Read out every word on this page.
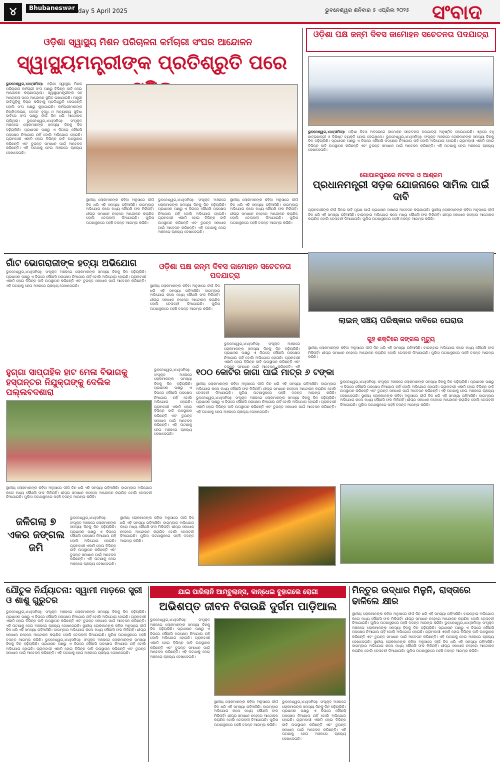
୪	Bhubaneswar
Saturday 5 April 2025	ଭୁବନେଶ୍ୱର ଶନିବାର ୫ ଏପ୍ରିଲ ୨୦୨୫ ସଂବାଦ
ଓଡ଼ିଶା ସ୍ୱାସ୍ଥ୍ୟ ମିଶନ ପରିଚାଳନା କର୍ମଚାରୀ ସଂଘର ଆନ୍ଦୋଳନ
ସ୍ୱାସ୍ଥ୍ୟମନ୍ତ୍ରୀଙ୍କ ପ୍ରତିଶ୍ରୁତି ପରେ
ଭୁବନେଶ୍ୱର,୪ା୪(ସମିସ): ଓଡ଼ିଶା ସ୍ୱାସ୍ଥ୍ୟ ମିଶନ ପରିଚାଳନା କର୍ମଚାରୀ ସଂଘ ପକ୍ଷରୁ ବିଭିନ୍ନ ଦାବି ନେଇ ଆନ୍ଦୋଳନ କରାଯାଉଥିଲା। ସ୍ୱାସ୍ଥ୍ୟମନ୍ତ୍ରୀଙ୍କ ସହ ଆଲୋଚନା ପରେ ଆନ୍ଦୋଳନ ସ୍ଥଗିତ ରଖାଯାଇଛି। ମନ୍ତ୍ରୀ ଦାବିଗୁଡ଼ିକୁ ବିଚାର କରିବାକୁ ପ୍ରତିଶ୍ରୁତି ଦେଇଛନ୍ତି ବୋଲି ସଂଘ ପକ୍ଷରୁ କୁହାଯାଇଛି। କର୍ମଚାରୀମାନଙ୍କ ନିୟମିତକରଣ, ବେତନ ବୃଦ୍ଧି ଓ ଅନ୍ୟାନ୍ୟ ସୁବିଧା ଦାବିରେ ସଂଘ ପକ୍ଷରୁ ଦୀର୍ଘ ଦିନ ଧରି ଆନ୍ଦୋଳନ ଚାଲିଥିଲା। ଭୁବନେଶ୍ୱର,୪ା୪(ସମିସ): ସଂପୃକ୍ତ ଅଞ୍ଚଳରେ ଲୋକମାନଙ୍କ ସମସ୍ୟା ଦିନକୁ ଦିନ ବଢ଼ିଚାଲିଛି। ପ୍ରଶାସନ ପକ୍ଷରୁ ଏ ଦିଗରେ କୌଣସି ପଦକ୍ଷେପ ନିଆଯାଉ ନାହିଁ ବୋଲି ଅଭିଯୋଗ ହୋଇଛି। ଗ୍ରାମବାସୀ ଏକାଠି ହୋଇ ବିଭିନ୍ନ ଦାବି ଉପସ୍ଥାପନ କରିଛନ୍ତି ଏବଂ ତୁରନ୍ତ ସମାଧାନ ପାଇଁ ଆବେଦନ କରିଛନ୍ତି। ଏହି ଘଟଣାକୁ ନେଇ ଅଞ୍ଚଳରେ ଚାଞ୍ଚଲ୍ୟ ଦେଖାଦେଇଛି।
ସ୍ଥାନୀୟ ଲୋକମାନଙ୍କ କହିବା ଅନୁସାରେ ଦୀର୍ଘ ଦିନ ଧରି ଏହି ସମସ୍ୟା ରହିଆସିଛି। ବାରମ୍ବାର ଅଭିଯୋଗ କଲେ ମଧ୍ୟ କୌଣସି ଫଳ ମିଳିନାହିଁ। ଶୀଘ୍ର ସମାଧାନ ନହେଲେ ଆନ୍ଦୋଳନ କରାଯିବ ବୋଲି ଚେତାବନୀ ଦିଆଯାଇଛି। ପୁଲିସ ଘଟଣାସ୍ଥଳରେ ପହଞ୍ଚି ତଦନ୍ତ ଆରମ୍ଭ କରିଛି।
ଭୁବନେଶ୍ୱର,୪ା୪(ସମିସ): ସଂପୃକ୍ତ ଅଞ୍ଚଳରେ ଲୋକମାନଙ୍କ ସମସ୍ୟା ଦିନକୁ ଦିନ ବଢ଼ିଚାଲିଛି। ପ୍ରଶାସନ ପକ୍ଷରୁ ଏ ଦିଗରେ କୌଣସି ପଦକ୍ଷେପ ନିଆଯାଉ ନାହିଁ ବୋଲି ଅଭିଯୋଗ ହୋଇଛି। ଗ୍ରାମବାସୀ ଏକାଠି ହୋଇ ବିଭିନ୍ନ ଦାବି ଉପସ୍ଥାପନ କରିଛନ୍ତି ଏବଂ ତୁରନ୍ତ ସମାଧାନ ପାଇଁ ଆବେଦନ କରିଛନ୍ତି। ଏହି ଘଟଣାକୁ ନେଇ ଅଞ୍ଚଳରେ ଚାଞ୍ଚଲ୍ୟ ଦେଖାଦେଇଛି।
ସ୍ଥାନୀୟ ଲୋକମାନଙ୍କ କହିବା ଅନୁସାରେ ଦୀର୍ଘ ଦିନ ଧରି ଏହି ସମସ୍ୟା ରହିଆସିଛି। ବାରମ୍ବାର ଅଭିଯୋଗ କଲେ ମଧ୍ୟ କୌଣସି ଫଳ ମିଳିନାହିଁ। ଶୀଘ୍ର ସମାଧାନ ନହେଲେ ଆନ୍ଦୋଳନ କରାଯିବ ବୋଲି ଚେତାବନୀ ଦିଆଯାଇଛି। ପୁଲିସ ଘଟଣାସ୍ଥଳରେ ପହଞ୍ଚି ତଦନ୍ତ ଆରମ୍ଭ କରିଛି।
ଓଡ଼ିଶା ପକ୍ଷ ଜନ୍ମ ଦିବସ ଜାମୋହନ ସଚେତନତା ପଦଯାତ୍ରା
ଭୁବନେଶ୍ୱର,୪ା୪(ସମିସ): ଓଡ଼ିଶା ଦିବସ ଅବସରରେ ଜାମୋହନ ସଚେତନତା ପଦଯାତ୍ରା ଅନୁଷ୍ଠିତ ହୋଇଯାଇଛି। ଏଥିରେ ବହୁ ଛାତ୍ରଛାତ୍ରୀ ଓ ବିଶିଷ୍ଟ ବ୍ୟକ୍ତି ଯୋଗ ଦେଇଥିଲେ। ଭୁବନେଶ୍ୱର,୪ା୪(ସମିସ): ସଂପୃକ୍ତ ଅଞ୍ଚଳରେ ଲୋକମାନଙ୍କ ସମସ୍ୟା ଦିନକୁ ଦିନ ବଢ଼ିଚାଲିଛି। ପ୍ରଶାସନ ପକ୍ଷରୁ ଏ ଦିଗରେ କୌଣସି ପଦକ୍ଷେପ ନିଆଯାଉ ନାହିଁ ବୋଲି ଅଭିଯୋଗ ହୋଇଛି। ଗ୍ରାମବାସୀ ଏକାଠି ହୋଇ ବିଭିନ୍ନ ଦାବି ଉପସ୍ଥାପନ କରିଛନ୍ତି ଏବଂ ତୁରନ୍ତ ସମାଧାନ ପାଇଁ ଆବେଦନ କରିଛନ୍ତି। ଏହି ଘଟଣାକୁ ନେଇ ଅଞ୍ଚଳରେ ଚାଞ୍ଚଲ୍ୟ ଦେଖାଦେଇଛି।
ଗୋପାଳପୁରରେ ନଟବର ଓ ଆଶ୍ରମ
ପ୍ରଧାନମନ୍ତ୍ରୀ ସଡ଼କ ଯୋଜନାରେ ସାମିଲ ପାଇଁ ଦାବି
ଗ୍ରାମବାସୀଙ୍କ ଦୀର୍ଘ ଦିନର ଦାବି ପୂରଣ ପାଇଁ ପ୍ରଶାସନ ପାଖରେ ଆବେଦନ କରାଯାଇଛି। ସ୍ଥାନୀୟ ଲୋକମାନଙ୍କ କହିବା ଅନୁସାରେ ଦୀର୍ଘ ଦିନ ଧରି ଏହି ସମସ୍ୟା ରହିଆସିଛି। ବାରମ୍ବାର ଅଭିଯୋଗ କଲେ ମଧ୍ୟ କୌଣସି ଫଳ ମିଳିନାହିଁ। ଶୀଘ୍ର ସମାଧାନ ନହେଲେ ଆନ୍ଦୋଳନ କରାଯିବ ବୋଲି ଚେତାବନୀ ଦିଆଯାଇଛି। ପୁଲିସ ଘଟଣାସ୍ଥଳରେ ପହଞ୍ଚି ତଦନ୍ତ ଆରମ୍ଭ କରିଛି।
ଗାଁଟ ଭୋଗରାଜୀଙ୍କ ହତ୍ୟା ଅଭିଯୋଗ
ଭୁବନେଶ୍ୱର,୪ା୪(ସମିସ): ସଂପୃକ୍ତ ଅଞ୍ଚଳରେ ଲୋକମାନଙ୍କ ସମସ୍ୟା ଦିନକୁ ଦିନ ବଢ଼ିଚାଲିଛି। ପ୍ରଶାସନ ପକ୍ଷରୁ ଏ ଦିଗରେ କୌଣସି ପଦକ୍ଷେପ ନିଆଯାଉ ନାହିଁ ବୋଲି ଅଭିଯୋଗ ହୋଇଛି। ଗ୍ରାମବାସୀ ଏକାଠି ହୋଇ ବିଭିନ୍ନ ଦାବି ଉପସ୍ଥାପନ କରିଛନ୍ତି ଏବଂ ତୁରନ୍ତ ସମାଧାନ ପାଇଁ ଆବେଦନ କରିଛନ୍ତି। ଏହି ଘଟଣାକୁ ନେଇ ଅଞ୍ଚଳରେ ଚାଞ୍ଚଲ୍ୟ ଦେଖାଦେଇଛି।
ଓଡ଼ିଶା ପକ୍ଷ ଜନ୍ମ ଦିବସ ଜାମୋହନ ସଚେତନତା ପଦଯାତ୍ରା
ସ୍ଥାନୀୟ ଲୋକମାନଙ୍କ କହିବା ଅନୁସାରେ ଦୀର୍ଘ ଦିନ ଧରି ଏହି ସମସ୍ୟା ରହିଆସିଛି। ବାରମ୍ବାର ଅଭିଯୋଗ କଲେ ମଧ୍ୟ କୌଣସି ଫଳ ମିଳିନାହିଁ। ଶୀଘ୍ର ସମାଧାନ ନହେଲେ ଆନ୍ଦୋଳନ କରାଯିବ ବୋଲି ଚେତାବନୀ ଦିଆଯାଇଛି। ପୁଲିସ ଘଟଣାସ୍ଥଳରେ ପହଞ୍ଚି ତଦନ୍ତ ଆରମ୍ଭ କରିଛି।
ଭୁବନେଶ୍ୱର,୪ା୪(ସମିସ): ସଂପୃକ୍ତ ଅଞ୍ଚଳରେ ଲୋକମାନଙ୍କ ସମସ୍ୟା ଦିନକୁ ଦିନ ବଢ଼ିଚାଲିଛି। ପ୍ରଶାସନ ପକ୍ଷରୁ ଏ ଦିଗରେ କୌଣସି ପଦକ୍ଷେପ ନିଆଯାଉ ନାହିଁ ବୋଲି ଅଭିଯୋଗ ହୋଇଛି। ଗ୍ରାମବାସୀ ଏକାଠି ହୋଇ ବିଭିନ୍ନ ଦାବି ଉପସ୍ଥାପନ କରିଛନ୍ତି ଏବଂ ତୁରନ୍ତ ସମାଧାନ ପାଇଁ ଆବେଦନ କରିଛନ୍ତି। ଏହି
ଲାଇନ୍ ସଞ୍ଚୟ ପରିଷ୍କାର ଦାବିରେ ଘେରାଉ
ଗୁହ ଶକ୍ତିରେ ଜଙ୍ଗଲ ମୃତ୍ୟୁ
ସ୍ଥାନୀୟ ଲୋକମାନଙ୍କ କହିବା ଅନୁସାରେ ଦୀର୍ଘ ଦିନ ଧରି ଏହି ସମସ୍ୟା ରହିଆସିଛି। ବାରମ୍ବାର ଅଭିଯୋଗ କଲେ ମଧ୍ୟ କୌଣସି ଫଳ ମିଳିନାହିଁ। ଶୀଘ୍ର ସମାଧାନ ନହେଲେ ଆନ୍ଦୋଳନ କରାଯିବ ବୋଲି ଚେତାବନୀ ଦିଆଯାଇଛି। ପୁଲିସ ଘଟଣାସ୍ଥଳରେ ପହଞ୍ଚି ତଦନ୍ତ ଆରମ୍ଭ କରିଛି।
ହୁଗ୍ଗା ସାପ୍ତାହିକ ହାଟ ମେଳା ବିଭାଗକୁ ହସ୍ତାନ୍ତର ନିଯୁକ୍ତାଙ୍କୁ ଦେଲିକ ପଲ୍ଲବଦଶାରା
ଭୁବନେଶ୍ୱର,୪ା୪(ସମିସ): ସଂପୃକ୍ତ ଅଞ୍ଚଳରେ ଲୋକମାନଙ୍କ ସମସ୍ୟା ଦିନକୁ ଦିନ ବଢ଼ିଚାଲିଛି। ପ୍ରଶାସନ ପକ୍ଷରୁ ଏ ଦିଗରେ କୌଣସି ପଦକ୍ଷେପ ନିଆଯାଉ ନାହିଁ ବୋଲି ଅଭିଯୋଗ ହୋଇଛି। ଗ୍ରାମବାସୀ ଏକାଠି ହୋଇ ବିଭିନ୍ନ ଦାବି ଉପସ୍ଥାପନ କରିଛନ୍ତି ଏବଂ ତୁରନ୍ତ ସମାଧାନ ପାଇଁ ଆବେଦନ କରିଛନ୍ତି। ଏହି ଘଟଣାକୁ ନେଇ ଅଞ୍ଚଳରେ ଚାଞ୍ଚଲ୍ୟ ଦେଖାଦେଇଛି।
୧୦୦ କୋଟିର ଜାଗା ପାଇଁ ମାତ୍ର ୬ ଟଙ୍କା
ସ୍ଥାନୀୟ ଲୋକମାନଙ୍କ କହିବା ଅନୁସାରେ ଦୀର୍ଘ ଦିନ ଧରି ଏହି ସମସ୍ୟା ରହିଆସିଛି। ବାରମ୍ବାର ଅଭିଯୋଗ କଲେ ମଧ୍ୟ କୌଣସି ଫଳ ମିଳିନାହିଁ। ଶୀଘ୍ର ସମାଧାନ ନହେଲେ ଆନ୍ଦୋଳନ କରାଯିବ ବୋଲି ଚେତାବନୀ ଦିଆଯାଇଛି। ପୁଲିସ ଘଟଣାସ୍ଥଳରେ ପହଞ୍ଚି ତଦନ୍ତ ଆରମ୍ଭ କରିଛି। ଭୁବନେଶ୍ୱର,୪ା୪(ସମିସ): ସଂପୃକ୍ତ ଅଞ୍ଚଳରେ ଲୋକମାନଙ୍କ ସମସ୍ୟା ଦିନକୁ ଦିନ ବଢ଼ିଚାଲିଛି। ପ୍ରଶାସନ ପକ୍ଷରୁ ଏ ଦିଗରେ କୌଣସି ପଦକ୍ଷେପ ନିଆଯାଉ ନାହିଁ ବୋଲି ଅଭିଯୋଗ ହୋଇଛି। ଗ୍ରାମବାସୀ ଏକାଠି ହୋଇ ବିଭିନ୍ନ ଦାବି ଉପସ୍ଥାପନ କରିଛନ୍ତି ଏବଂ ତୁରନ୍ତ ସମାଧାନ ପାଇଁ ଆବେଦନ କରିଛନ୍ତି। ଏହି ଘଟଣାକୁ ନେଇ ଅଞ୍ଚଳରେ ଚାଞ୍ଚଲ୍ୟ ଦେଖାଦେଇଛି।
ଭୁବନେଶ୍ୱର,୪ା୪(ସମିସ): ସଂପୃକ୍ତ ଅଞ୍ଚଳରେ ଲୋକମାନଙ୍କ ସମସ୍ୟା ଦିନକୁ ଦିନ ବଢ଼ିଚାଲିଛି। ପ୍ରଶାସନ ପକ୍ଷରୁ ଏ ଦିଗରେ କୌଣସି ପଦକ୍ଷେପ ନିଆଯାଉ ନାହିଁ ବୋଲି ଅଭିଯୋଗ ହୋଇଛି। ଗ୍ରାମବାସୀ ଏକାଠି ହୋଇ ବିଭିନ୍ନ ଦାବି ଉପସ୍ଥାପନ କରିଛନ୍ତି ଏବଂ ତୁରନ୍ତ ସମାଧାନ ପାଇଁ ଆବେଦନ କରିଛନ୍ତି। ଏହି ଘଟଣାକୁ ନେଇ ଅଞ୍ଚଳରେ ଚାଞ୍ଚଲ୍ୟ ଦେଖାଦେଇଛି। ସ୍ଥାନୀୟ ଲୋକମାନଙ୍କ କହିବା ଅନୁସାରେ ଦୀର୍ଘ ଦିନ ଧରି ଏହି ସମସ୍ୟା ରହିଆସିଛି। ବାରମ୍ବାର ଅଭିଯୋଗ କଲେ ମଧ୍ୟ କୌଣସି ଫଳ ମିଳିନାହିଁ। ଶୀଘ୍ର ସମାଧାନ ନହେଲେ ଆନ୍ଦୋଳନ କରାଯିବ ବୋଲି ଚେତାବନୀ ଦିଆଯାଇଛି। ପୁଲିସ ଘଟଣାସ୍ଥଳରେ ପହଞ୍ଚି ତଦନ୍ତ ଆରମ୍ଭ କରିଛି।
ସ୍ଥାନୀୟ ଲୋକମାନଙ୍କ କହିବା ଅନୁସାରେ ଦୀର୍ଘ ଦିନ ଧରି ଏହି ସମସ୍ୟା ରହିଆସିଛି। ବାରମ୍ବାର ଅଭିଯୋଗ କଲେ ମଧ୍ୟ କୌଣସି ଫଳ ମିଳିନାହିଁ। ଶୀଘ୍ର ସମାଧାନ ନହେଲେ ଆନ୍ଦୋଳନ କରାଯିବ ବୋଲି ଚେତାବନୀ ଦିଆଯାଇଛି। ପୁଲିସ ଘଟଣାସ୍ଥଳରେ ପହଞ୍ଚି ତଦନ୍ତ ଆରମ୍ଭ କରିଛି।
ଜଳିଗଲା ୭ ଏକର ଜଙ୍ଗଲ ଜମି
ଭୁବନେଶ୍ୱର,୪ା୪(ସମିସ): ସଂପୃକ୍ତ ଅଞ୍ଚଳରେ ଲୋକମାନଙ୍କ ସମସ୍ୟା ଦିନକୁ ଦିନ ବଢ଼ିଚାଲିଛି। ପ୍ରଶାସନ ପକ୍ଷରୁ ଏ ଦିଗରେ କୌଣସି ପଦକ୍ଷେପ ନିଆଯାଉ ନାହିଁ ବୋଲି ଅଭିଯୋଗ ହୋଇଛି। ଗ୍ରାମବାସୀ ଏକାଠି ହୋଇ ବିଭିନ୍ନ ଦାବି ଉପସ୍ଥାପନ କରିଛନ୍ତି ଏବଂ ତୁରନ୍ତ ସମାଧାନ ପାଇଁ ଆବେଦନ କରିଛନ୍ତି। ଏହି ଘଟଣାକୁ ନେଇ ଅଞ୍ଚଳରେ ଚାଞ୍ଚଲ୍ୟ ଦେଖାଦେଇଛି।
ସ୍ଥାନୀୟ ଲୋକମାନଙ୍କ କହିବା ଅନୁସାରେ ଦୀର୍ଘ ଦିନ ଧରି ଏହି ସମସ୍ୟା ରହିଆସିଛି। ବାରମ୍ବାର ଅଭିଯୋଗ କଲେ ମଧ୍ୟ କୌଣସି ଫଳ ମିଳିନାହିଁ। ଶୀଘ୍ର ସମାଧାନ ନହେଲେ ଆନ୍ଦୋଳନ କରାଯିବ ବୋଲି ଚେତାବନୀ ଦିଆଯାଇଛି। ପୁଲିସ ଘଟଣାସ୍ଥଳରେ ପହଞ୍ଚି ତଦନ୍ତ ଆରମ୍ଭ କରିଛି।
ଯୌତୁକ ନିର୍ଯ୍ୟାତନା: ସ୍ୱାମୀ ମାଡ଼ରେ ସ୍ତ୍ରୀ ଓ ଶାଶୁ ଗୁରୁତର
ଭୁବନେଶ୍ୱର,୪ା୪(ସମିସ): ସଂପୃକ୍ତ ଅଞ୍ଚଳରେ ଲୋକମାନଙ୍କ ସମସ୍ୟା ଦିନକୁ ଦିନ ବଢ଼ିଚାଲିଛି। ପ୍ରଶାସନ ପକ୍ଷରୁ ଏ ଦିଗରେ କୌଣସି ପଦକ୍ଷେପ ନିଆଯାଉ ନାହିଁ ବୋଲି ଅଭିଯୋଗ ହୋଇଛି। ଗ୍ରାମବାସୀ ଏକାଠି ହୋଇ ବିଭିନ୍ନ ଦାବି ଉପସ୍ଥାପନ କରିଛନ୍ତି ଏବଂ ତୁରନ୍ତ ସମାଧାନ ପାଇଁ ଆବେଦନ କରିଛନ୍ତି। ଏହି ଘଟଣାକୁ ନେଇ ଅଞ୍ଚଳରେ ଚାଞ୍ଚଲ୍ୟ ଦେଖାଦେଇଛି। ସ୍ଥାନୀୟ ଲୋକମାନଙ୍କ କହିବା ଅନୁସାରେ ଦୀର୍ଘ ଦିନ ଧରି ଏହି ସମସ୍ୟା ରହିଆସିଛି। ବାରମ୍ବାର ଅଭିଯୋଗ କଲେ ମଧ୍ୟ କୌଣସି ଫଳ ମିଳିନାହିଁ। ଶୀଘ୍ର ସମାଧାନ ନହେଲେ ଆନ୍ଦୋଳନ କରାଯିବ ବୋଲି ଚେତାବନୀ ଦିଆଯାଇଛି। ପୁଲିସ ଘଟଣାସ୍ଥଳରେ ପହଞ୍ଚି ତଦନ୍ତ ଆରମ୍ଭ କରିଛି। ଭୁବନେଶ୍ୱର,୪ା୪(ସମିସ): ସଂପୃକ୍ତ ଅଞ୍ଚଳରେ ଲୋକମାନଙ୍କ ସମସ୍ୟା ଦିନକୁ ଦିନ ବଢ଼ିଚାଲିଛି। ପ୍ରଶାସନ ପକ୍ଷରୁ ଏ ଦିଗରେ କୌଣସି ପଦକ୍ଷେପ ନିଆଯାଉ ନାହିଁ ବୋଲି ଅଭିଯୋଗ ହୋଇଛି। ଗ୍ରାମବାସୀ ଏକାଠି ହୋଇ ବିଭିନ୍ନ ଦାବି ଉପସ୍ଥାପନ କରିଛନ୍ତି ଏବଂ ତୁରନ୍ତ ସମାଧାନ ପାଇଁ ଆବେଦନ କରିଛନ୍ତି। ଏହି ଘଟଣାକୁ ନେଇ ଅଞ୍ଚଳରେ ଚାଞ୍ଚଲ୍ୟ ଦେଖାଦେଇଛି।
ଯାଇ ପାରିଲାନି ଆମ୍ବୁଲାନ୍ସ, କାନ୍ଧେଇ ବୁହାଗଲେ ରୋଗୀ
ଅଭିଶପ୍ତ ଜୀବନ ବିତାଉଛି ଦୁର୍ଗମ ପାଡ଼ିଆଲ
ଭୁବନେଶ୍ୱର,୪ା୪(ସମିସ): ସଂପୃକ୍ତ ଅଞ୍ଚଳରେ ଲୋକମାନଙ୍କ ସମସ୍ୟା ଦିନକୁ ଦିନ ବଢ଼ିଚାଲିଛି। ପ୍ରଶାସନ ପକ୍ଷରୁ ଏ ଦିଗରେ କୌଣସି ପଦକ୍ଷେପ ନିଆଯାଉ ନାହିଁ ବୋଲି ଅଭିଯୋଗ ହୋଇଛି। ଗ୍ରାମବାସୀ ଏକାଠି ହୋଇ ବିଭିନ୍ନ ଦାବି ଉପସ୍ଥାପନ କରିଛନ୍ତି ଏବଂ ତୁରନ୍ତ ସମାଧାନ ପାଇଁ ଆବେଦନ କରିଛନ୍ତି। ଏହି ଘଟଣାକୁ ନେଇ ଅଞ୍ଚଳରେ ଚାଞ୍ଚଲ୍ୟ ଦେଖାଦେଇଛି।
ସ୍ଥାନୀୟ ଲୋକମାନଙ୍କ କହିବା ଅନୁସାରେ ଦୀର୍ଘ ଦିନ ଧରି ଏହି ସମସ୍ୟା ରହିଆସିଛି। ବାରମ୍ବାର ଅଭିଯୋଗ କଲେ ମଧ୍ୟ କୌଣସି ଫଳ ମିଳିନାହିଁ। ଶୀଘ୍ର ସମାଧାନ ନହେଲେ ଆନ୍ଦୋଳନ କରାଯିବ ବୋଲି ଚେତାବନୀ ଦିଆଯାଇଛି। ପୁଲିସ ଘଟଣାସ୍ଥଳରେ ପହଞ୍ଚି ତଦନ୍ତ ଆରମ୍ଭ କରିଛି।
ଭୁବନେଶ୍ୱର,୪ା୪(ସମିସ): ସଂପୃକ୍ତ ଅଞ୍ଚଳରେ ଲୋକମାନଙ୍କ ସମସ୍ୟା ଦିନକୁ ଦିନ ବଢ଼ିଚାଲିଛି। ପ୍ରଶାସନ ପକ୍ଷରୁ ଏ ଦିଗରେ କୌଣସି ପଦକ୍ଷେପ ନିଆଯାଉ ନାହିଁ ବୋଲି ଅଭିଯୋଗ ହୋଇଛି। ଗ୍ରାମବାସୀ ଏକାଠି ହୋଇ ବିଭିନ୍ନ ଦାବି ଉପସ୍ଥାପନ କରିଛନ୍ତି ଏବଂ ତୁରନ୍ତ ସମାଧାନ ପାଇଁ ଆବେଦନ କରିଛନ୍ତି। ଏହି ଘଟଣାକୁ ନେଇ ଅଞ୍ଚଳରେ ଚାଞ୍ଚଲ୍ୟ ଦେଖାଦେଇଛି।
ମିନ୍ତୁର ଉଦ୍ଧାର ମିଳୁନି, ରାସ୍ତାରେ ଢାଳିଲେ କ୍ଷୀର
ସ୍ଥାନୀୟ ଲୋକମାନଙ୍କ କହିବା ଅନୁସାରେ ଦୀର୍ଘ ଦିନ ଧରି ଏହି ସମସ୍ୟା ରହିଆସିଛି। ବାରମ୍ବାର ଅଭିଯୋଗ କଲେ ମଧ୍ୟ କୌଣସି ଫଳ ମିଳିନାହିଁ। ଶୀଘ୍ର ସମାଧାନ ନହେଲେ ଆନ୍ଦୋଳନ କରାଯିବ ବୋଲି ଚେତାବନୀ ଦିଆଯାଇଛି। ପୁଲିସ ଘଟଣାସ୍ଥଳରେ ପହଞ୍ଚି ତଦନ୍ତ ଆରମ୍ଭ କରିଛି। ଭୁବନେଶ୍ୱର,୪ା୪(ସମିସ): ସଂପୃକ୍ତ ଅଞ୍ଚଳରେ ଲୋକମାନଙ୍କ ସମସ୍ୟା ଦିନକୁ ଦିନ ବଢ଼ିଚାଲିଛି। ପ୍ରଶାସନ ପକ୍ଷରୁ ଏ ଦିଗରେ କୌଣସି ପଦକ୍ଷେପ ନିଆଯାଉ ନାହିଁ ବୋଲି ଅଭିଯୋଗ ହୋଇଛି। ଗ୍ରାମବାସୀ ଏକାଠି ହୋଇ ବିଭିନ୍ନ ଦାବି ଉପସ୍ଥାପନ କରିଛନ୍ତି ଏବଂ ତୁରନ୍ତ ସମାଧାନ ପାଇଁ ଆବେଦନ କରିଛନ୍ତି। ଏହି ଘଟଣାକୁ ନେଇ ଅଞ୍ଚଳରେ ଚାଞ୍ଚଲ୍ୟ ଦେଖାଦେଇଛି। ସ୍ଥାନୀୟ ଲୋକମାନଙ୍କ କହିବା ଅନୁସାରେ ଦୀର୍ଘ ଦିନ ଧରି ଏହି ସମସ୍ୟା ରହିଆସିଛି। ବାରମ୍ବାର ଅଭିଯୋଗ କଲେ ମଧ୍ୟ କୌଣସି ଫଳ ମିଳିନାହିଁ। ଶୀଘ୍ର ସମାଧାନ ନହେଲେ ଆନ୍ଦୋଳନ କରାଯିବ ବୋଲି ଚେତାବନୀ ଦିଆଯାଇଛି। ପୁଲିସ ଘଟଣାସ୍ଥଳରେ ପହଞ୍ଚି ତଦନ୍ତ ଆରମ୍ଭ କରିଛି।
